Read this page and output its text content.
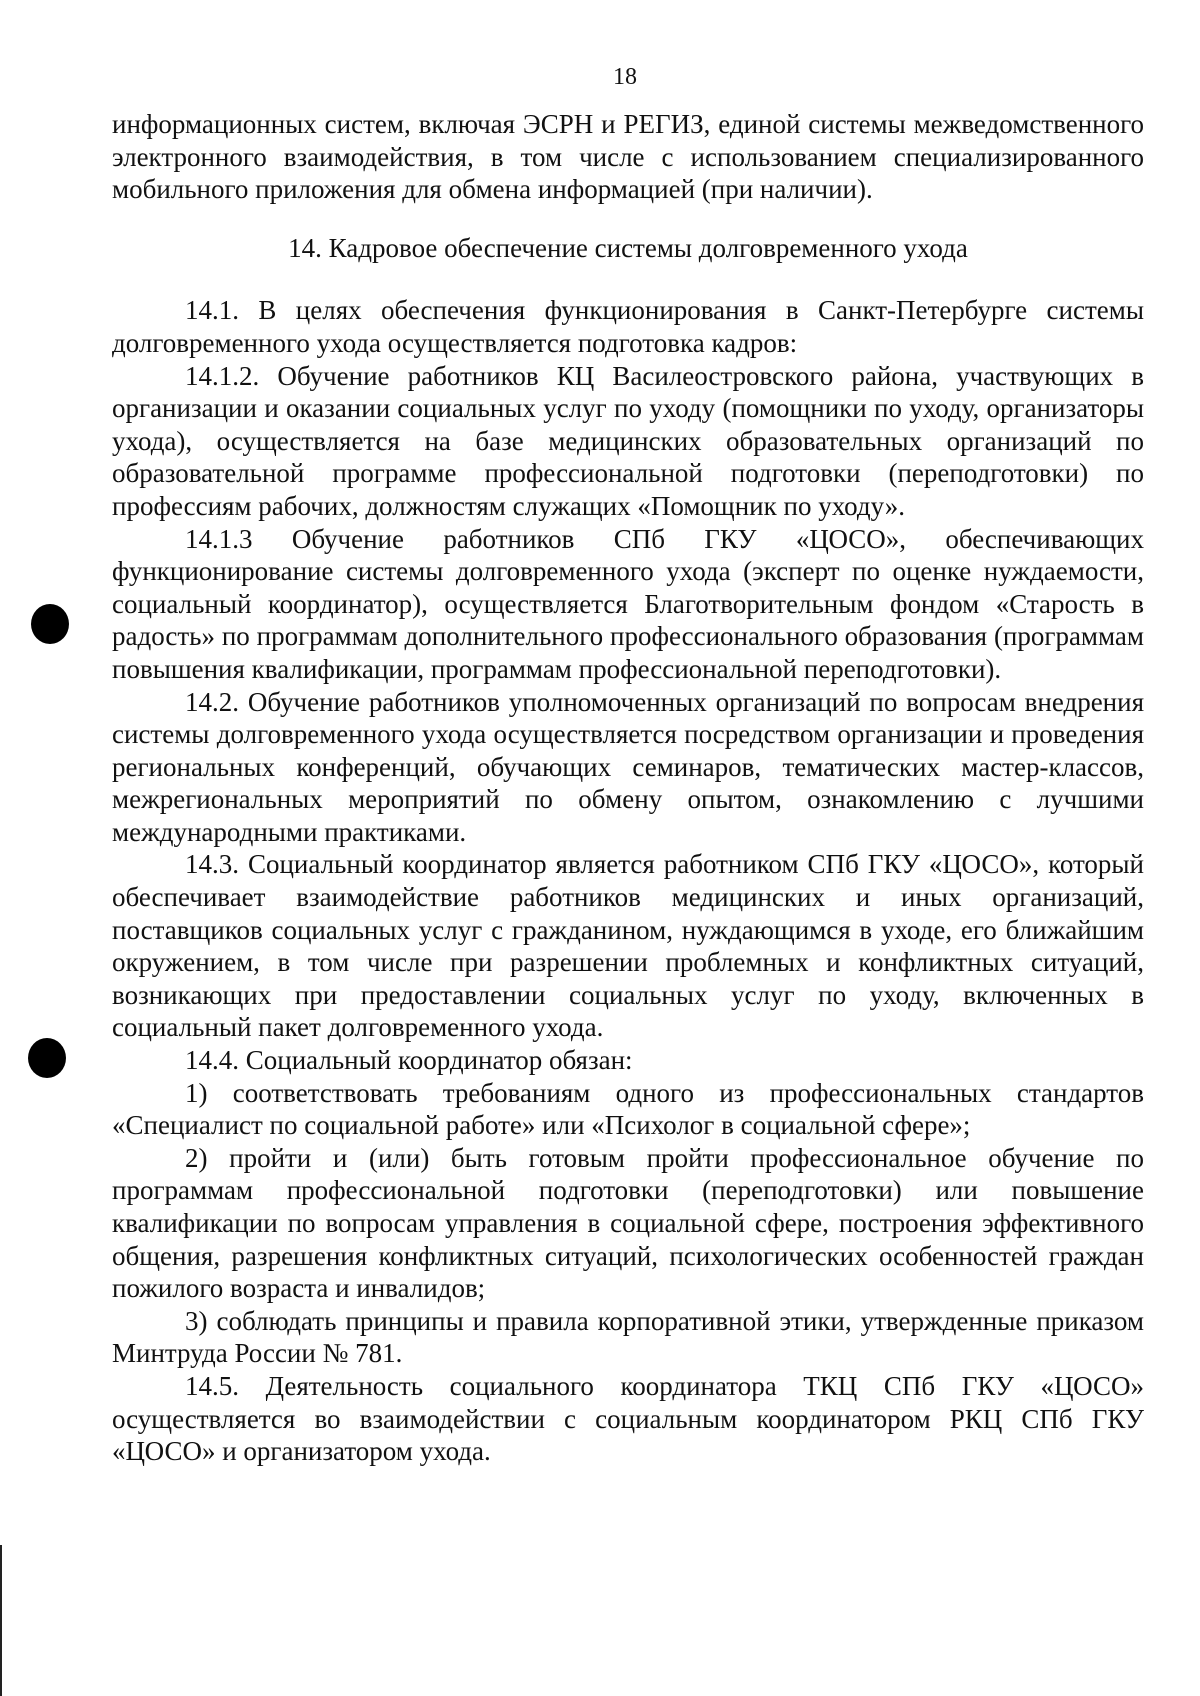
18

информационных систем, включая ЭСРН и РЕГИЗ, единой системы межведомственного электронного взаимодействия, в том числе с использованием специализированного мобильного приложения для обмена информацией (при наличии).

14. Кадровое обеспечение системы долговременного ухода

14.1. В целях обеспечения функционирования в Санкт-Петербурге системы долговременного ухода осуществляется подготовка кадров:

14.1.2. Обучение работников КЦ Василеостровского района, участвующих в организации и оказании социальных услуг по уходу (помощники по уходу, организаторы ухода), осуществляется на базе медицинских образовательных организаций по образовательной программе профессиональной подготовки (переподготовки) по профессиям рабочих, должностям служащих «Помощник по уходу».

14.1.3 Обучение работников СПб ГКУ «ЦОСО», обеспечивающих функционирование системы долговременного ухода (эксперт по оценке нуждаемости, социальный координатор), осуществляется Благотворительным фондом «Старость в радость» по программам дополнительного профессионального образования (программам повышения квалификации, программам профессиональной переподготовки).

14.2. Обучение работников уполномоченных организаций по вопросам внедрения системы долговременного ухода осуществляется посредством организации и проведения региональных конференций, обучающих семинаров, тематических мастер-классов, межрегиональных мероприятий по обмену опытом, ознакомлению с лучшими международными практиками.

14.3. Социальный координатор является работником СПб ГКУ «ЦОСО», который обеспечивает взаимодействие работников медицинских и иных организаций, поставщиков социальных услуг с гражданином, нуждающимся в уходе, его ближайшим окружением, в том числе при разрешении проблемных и конфликтных ситуаций, возникающих при предоставлении социальных услуг по уходу, включенных в социальный пакет долговременного ухода.

14.4. Социальный координатор обязан:

1) соответствовать требованиям одного из профессиональных стандартов «Специалист по социальной работе» или «Психолог в социальной сфере»;

2) пройти и (или) быть готовым пройти профессиональное обучение по программам профессиональной подготовки (переподготовки) или повышение квалификации по вопросам управления в социальной сфере, построения эффективного общения, разрешения конфликтных ситуаций, психологических особенностей граждан пожилого возраста и инвалидов;

3) соблюдать принципы и правила корпоративной этики, утвержденные приказом Минтруда России № 781.

14.5. Деятельность социального координатора ТКЦ СПб ГКУ «ЦОСО» осуществляется во взаимодействии с социальным координатором РКЦ СПб ГКУ «ЦОСО» и организатором ухода.
